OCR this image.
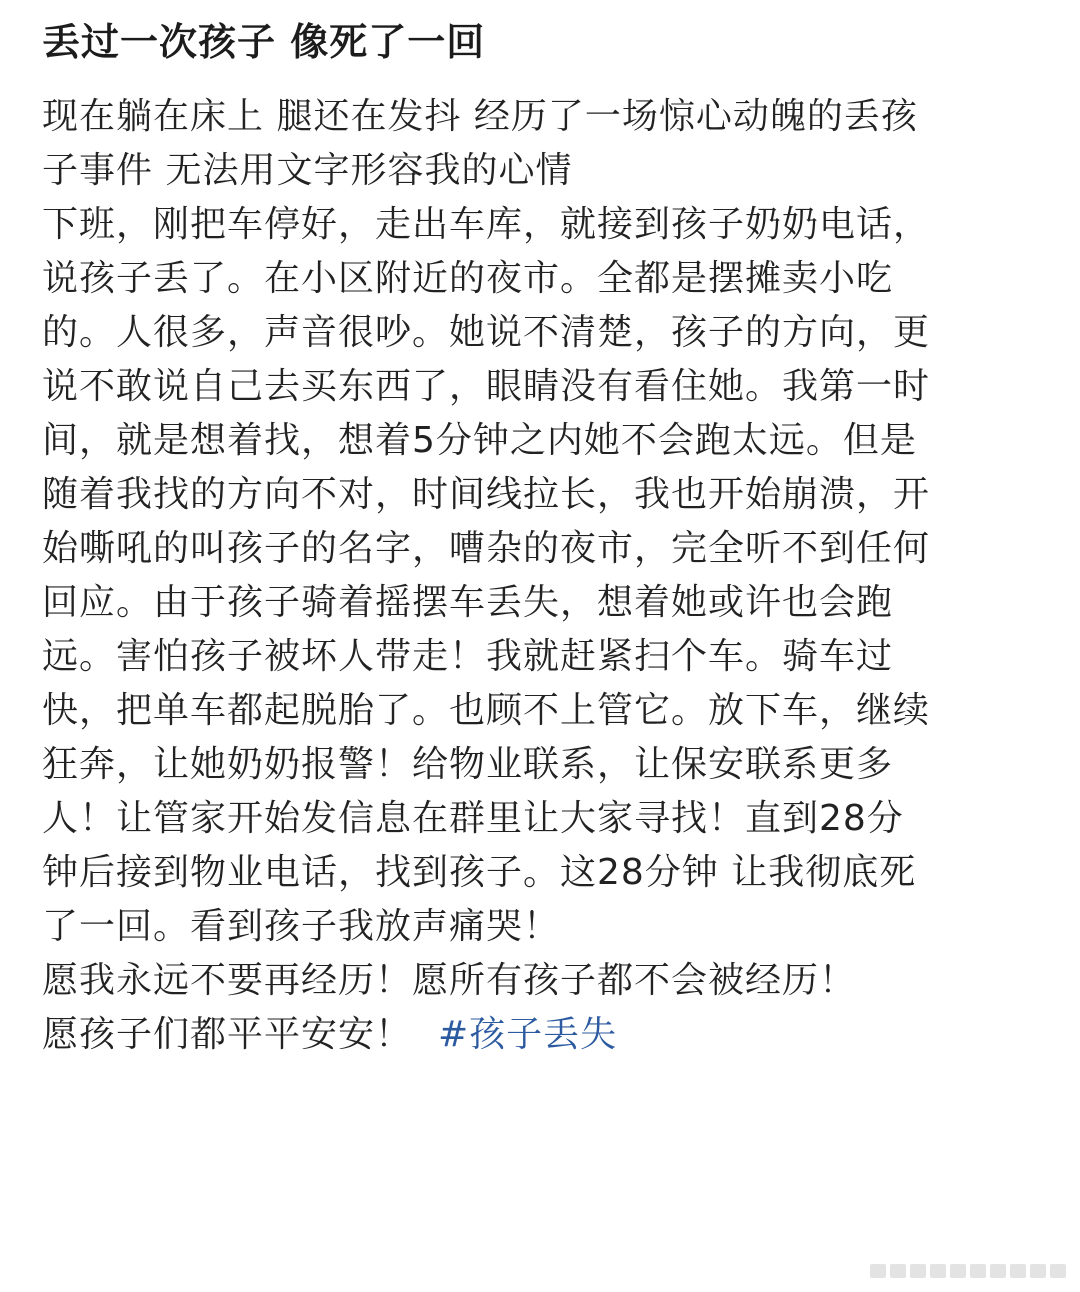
丢过一次孩子 像死了一回
现在躺在床上 腿还在发抖 经历了一场惊心动魄的丢孩
子事件 无法用文字形容我的心情
下班，刚把车停好，走出车库，就接到孩子奶奶电话，
说孩子丢了。在小区附近的夜市。全都是摆摊卖小吃
的。人很多，声音很吵。她说不清楚，孩子的方向，更
说不敢说自己去买东西了，眼睛没有看住她。我第一时
间，就是想着找，想着5分钟之内她不会跑太远。但是
随着我找的方向不对，时间线拉长，我也开始崩溃，开
始嘶吼的叫孩子的名字，嘈杂的夜市，完全听不到任何
回应。由于孩子骑着摇摆车丢失，想着她或许也会跑
远。害怕孩子被坏人带走！我就赶紧扫个车。骑车过
快，把单车都起脱胎了。也顾不上管它。放下车，继续
狂奔，让她奶奶报警！给物业联系，让保安联系更多
人！让管家开始发信息在群里让大家寻找！直到28分
钟后接到物业电话，找到孩子。这28分钟 让我彻底死
了一回。看到孩子我放声痛哭！
愿我永远不要再经历！愿所有孩子都不会被经历！
愿孩子们都平平安安！ #孩子丢失
